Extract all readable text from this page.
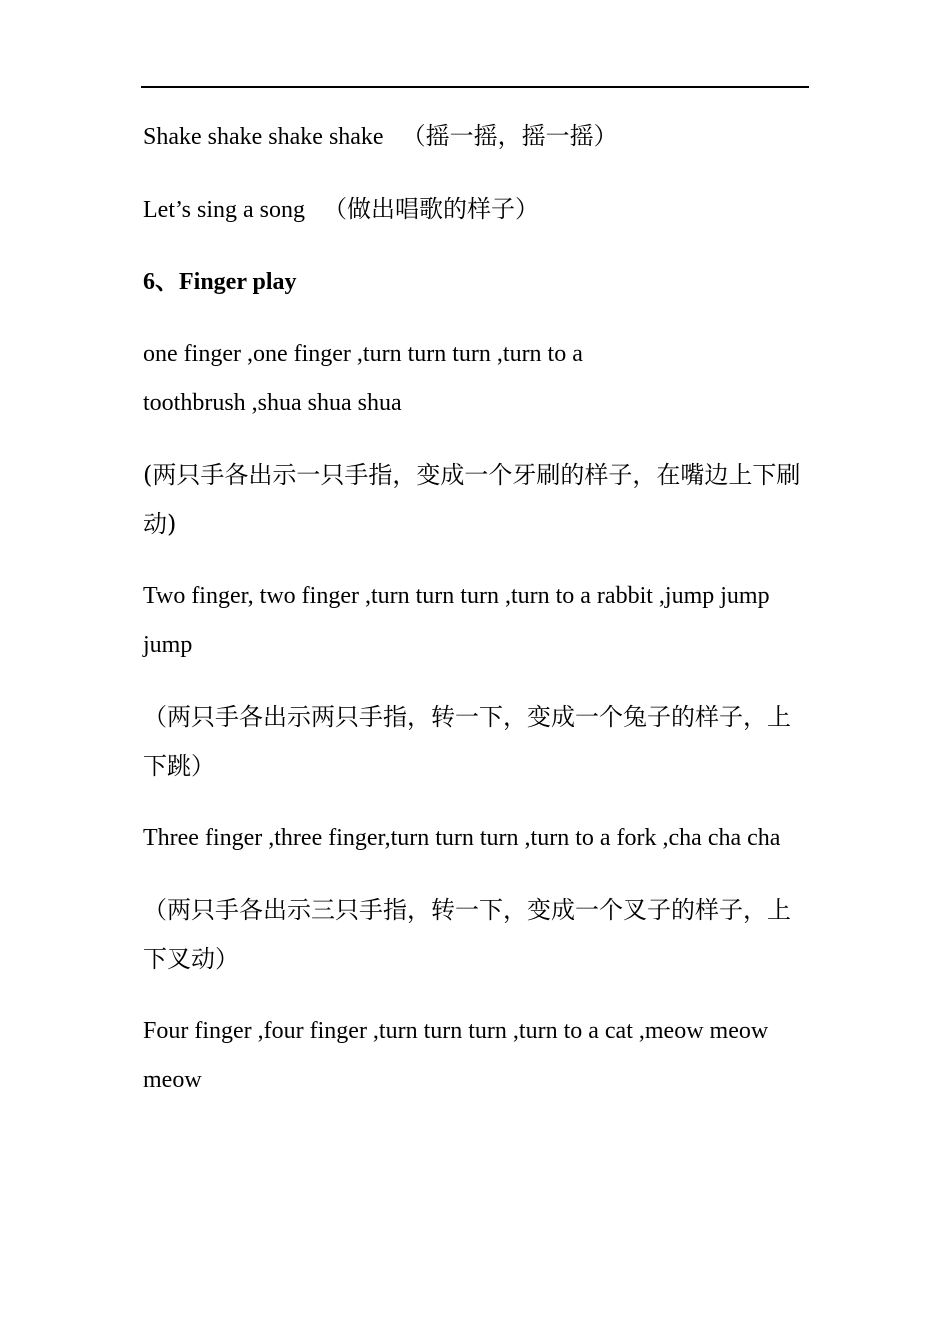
Shake shake shake shake （摇一摇，摇一摇）

Let’s sing a song （做出唱歌的样子）

6、Finger play

one finger ,one finger ,turn turn turn ,turn to a toothbrush ,shua shua shua

(两只手各出示一只手指，变成一个牙刷的样子，在嘴边上下刷动)

Two finger, two finger ,turn turn turn ,turn to a rabbit ,jump jump jump

（两只手各出示两只手指，转一下，变成一个兔子的样子，上下跳）

Three finger ,three finger,turn turn turn ,turn to a fork ,cha cha cha

（两只手各出示三只手指，转一下，变成一个叉子的样子，上下叉动）

Four finger ,four finger ,turn turn turn ,turn to a cat ,meow meow meow
